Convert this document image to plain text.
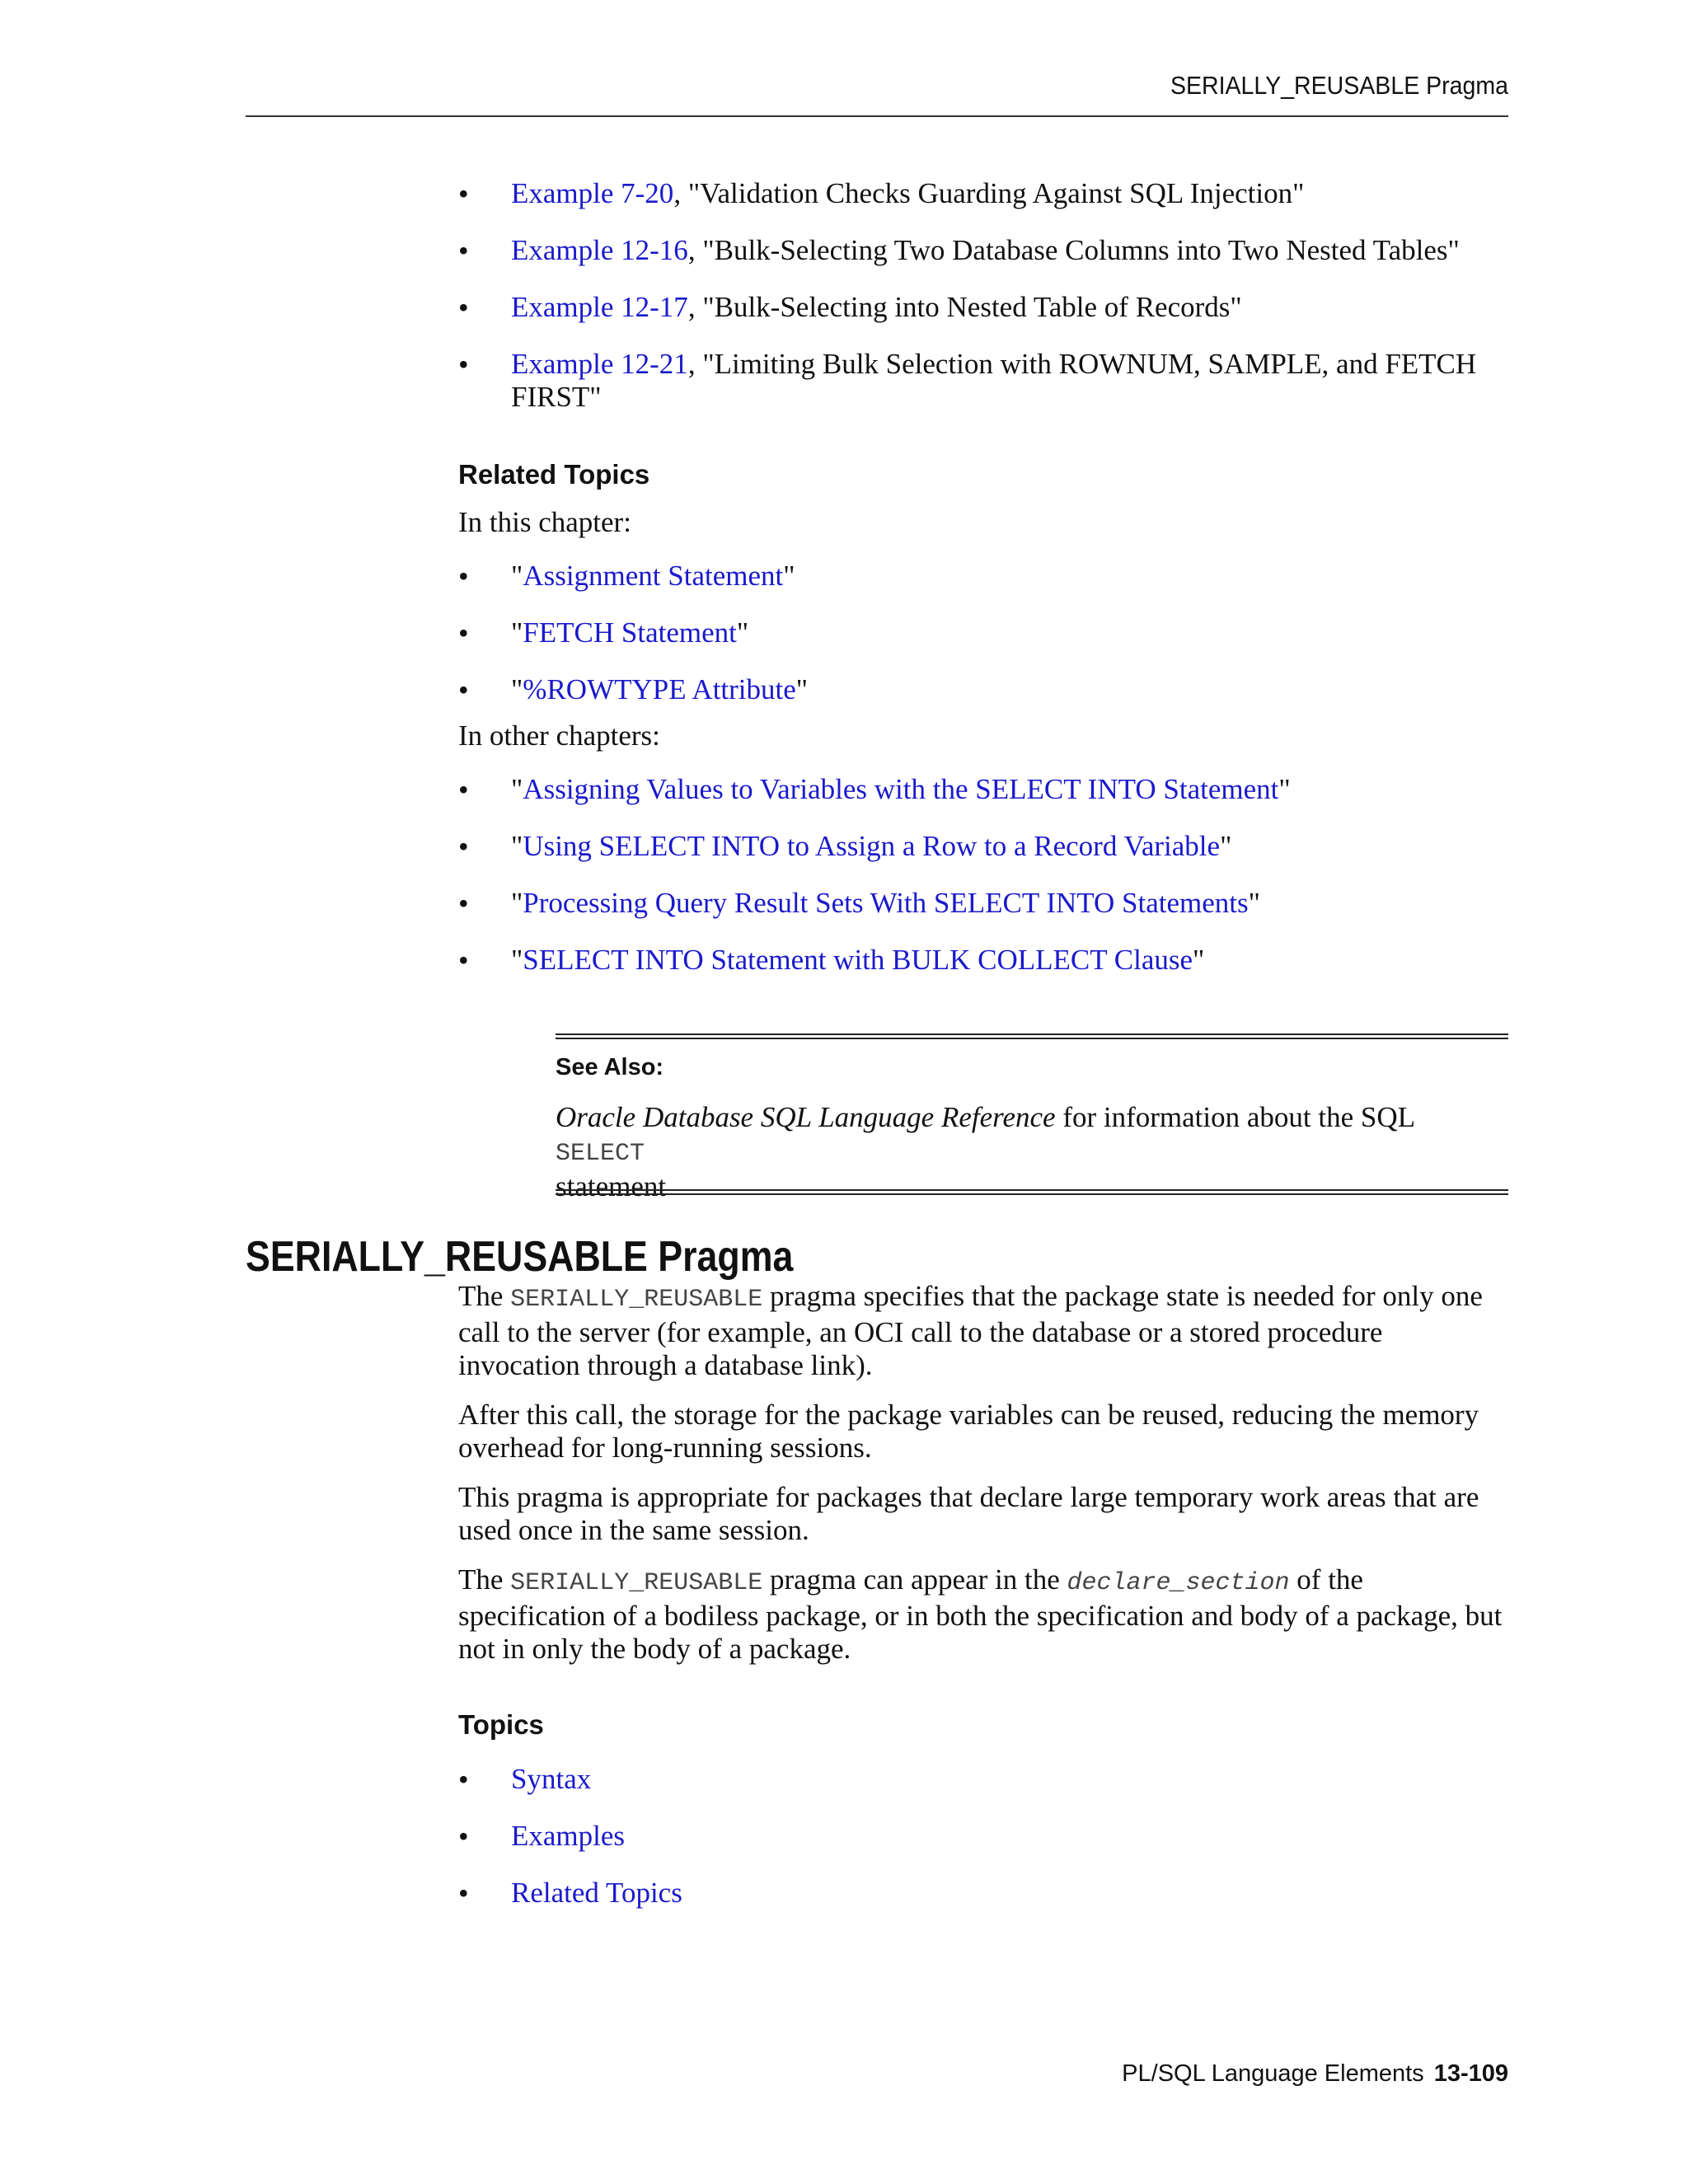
SERIALLY_REUSABLE Pragma
• Example 7-20, "Validation Checks Guarding Against SQL Injection"
• Example 12-16, "Bulk-Selecting Two Database Columns into Two Nested Tables"
• Example 12-17, "Bulk-Selecting into Nested Table of Records"
• Example 12-21, "Limiting Bulk Selection with ROWNUM, SAMPLE, and FETCH FIRST"
Related Topics

In this chapter:

• "Assignment Statement"
• "FETCH Statement"
• "%ROWTYPE Attribute"

In other chapters:

• "Assigning Values to Variables with the SELECT INTO Statement"
• "Using SELECT INTO to Assign a Row to a Record Variable"
• "Processing Query Result Sets With SELECT INTO Statements"
• "SELECT INTO Statement with BULK COLLECT Clause"
See Also:
Oracle Database SQL Language Reference for information about the SQL SELECT
statement
SERIALLY_REUSABLE Pragma

The SERIALLY_REUSABLE pragma specifies that the package state is needed for only one call to the server (for example, an OCI call to the database or a stored procedure invocation through a database link).

After this call, the storage for the package variables can be reused, reducing the memory overhead for long-running sessions.

This pragma is appropriate for packages that declare large temporary work areas that are used once in the same session.

The SERIALLY_REUSABLE pragma can appear in the declare_section of the specification of a bodiless package, or in both the specification and body of a package, but not in only the body of a package.

Topics
• Syntax
• Examples
• Related Topics
PL/SQL Language Elements 13-109
